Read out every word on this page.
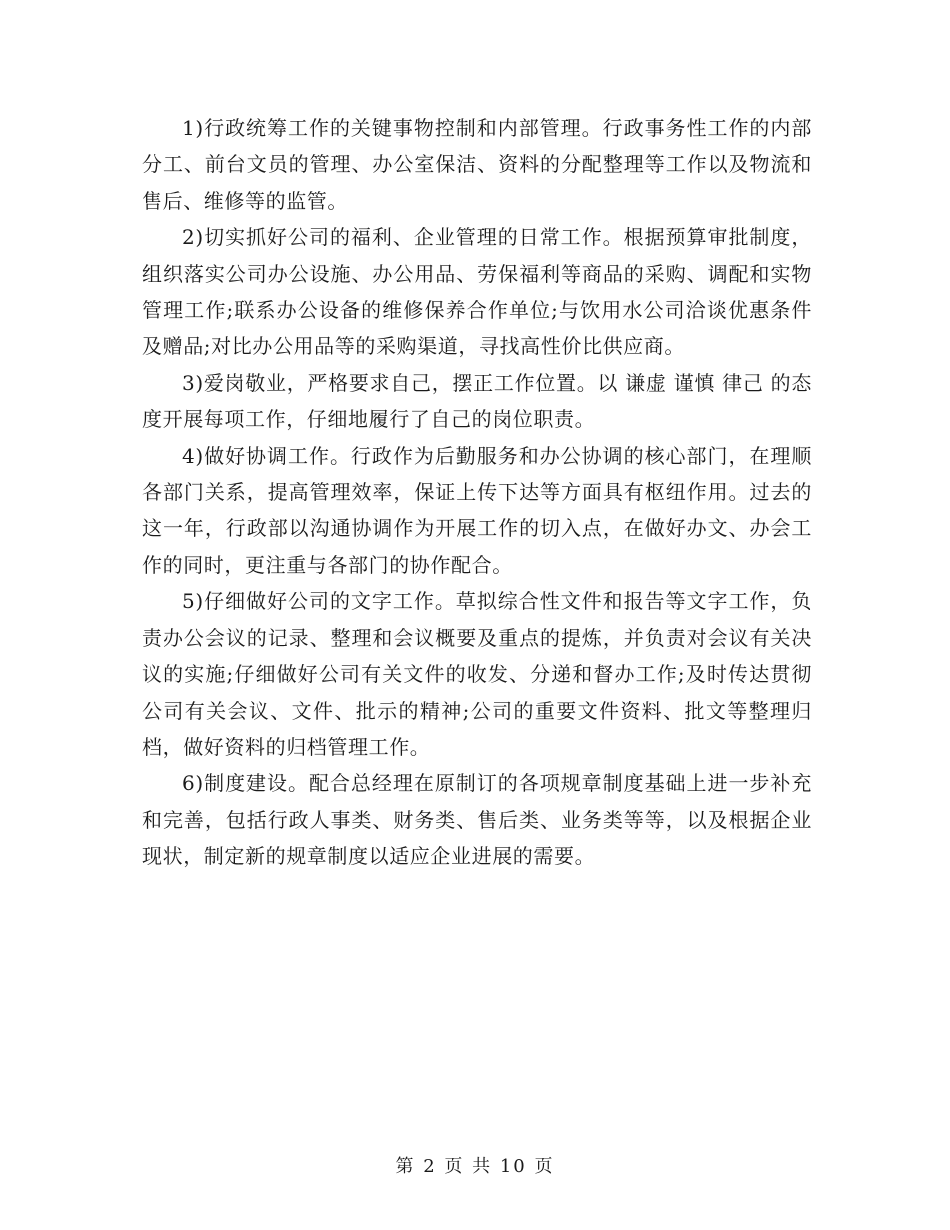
1)行政统筹工作的关键事物控制和内部管理。行政事务性工作的内部分工、前台文员的管理、办公室保洁、资料的分配整理等工作以及物流和售后、维修等的监管。

2)切实抓好公司的福利、企业管理的日常工作。根据预算审批制度，组织落实公司办公设施、办公用品、劳保福利等商品的采购、调配和实物管理工作;联系办公设备的维修保养合作单位;与饮用水公司洽谈优惠条件及赠品;对比办公用品等的采购渠道，寻找高性价比供应商。

3)爱岗敬业，严格要求自己，摆正工作位置。以 谦虚 谨慎 律己 的态度开展每项工作，仔细地履行了自己的岗位职责。

4)做好协调工作。行政作为后勤服务和办公协调的核心部门，在理顺各部门关系，提高管理效率，保证上传下达等方面具有枢纽作用。过去的这一年，行政部以沟通协调作为开展工作的切入点，在做好办文、办会工作的同时，更注重与各部门的协作配合。

5)仔细做好公司的文字工作。草拟综合性文件和报告等文字工作，负责办公会议的记录、整理和会议概要及重点的提炼，并负责对会议有关决议的实施;仔细做好公司有关文件的收发、分递和督办工作;及时传达贯彻公司有关会议、文件、批示的精神;公司的重要文件资料、批文等整理归档，做好资料的归档管理工作。

6)制度建设。配合总经理在原制订的各项规章制度基础上进一步补充和完善，包括行政人事类、财务类、售后类、业务类等等，以及根据企业现状，制定新的规章制度以适应企业进展的需要。

第 2 页 共 10 页
